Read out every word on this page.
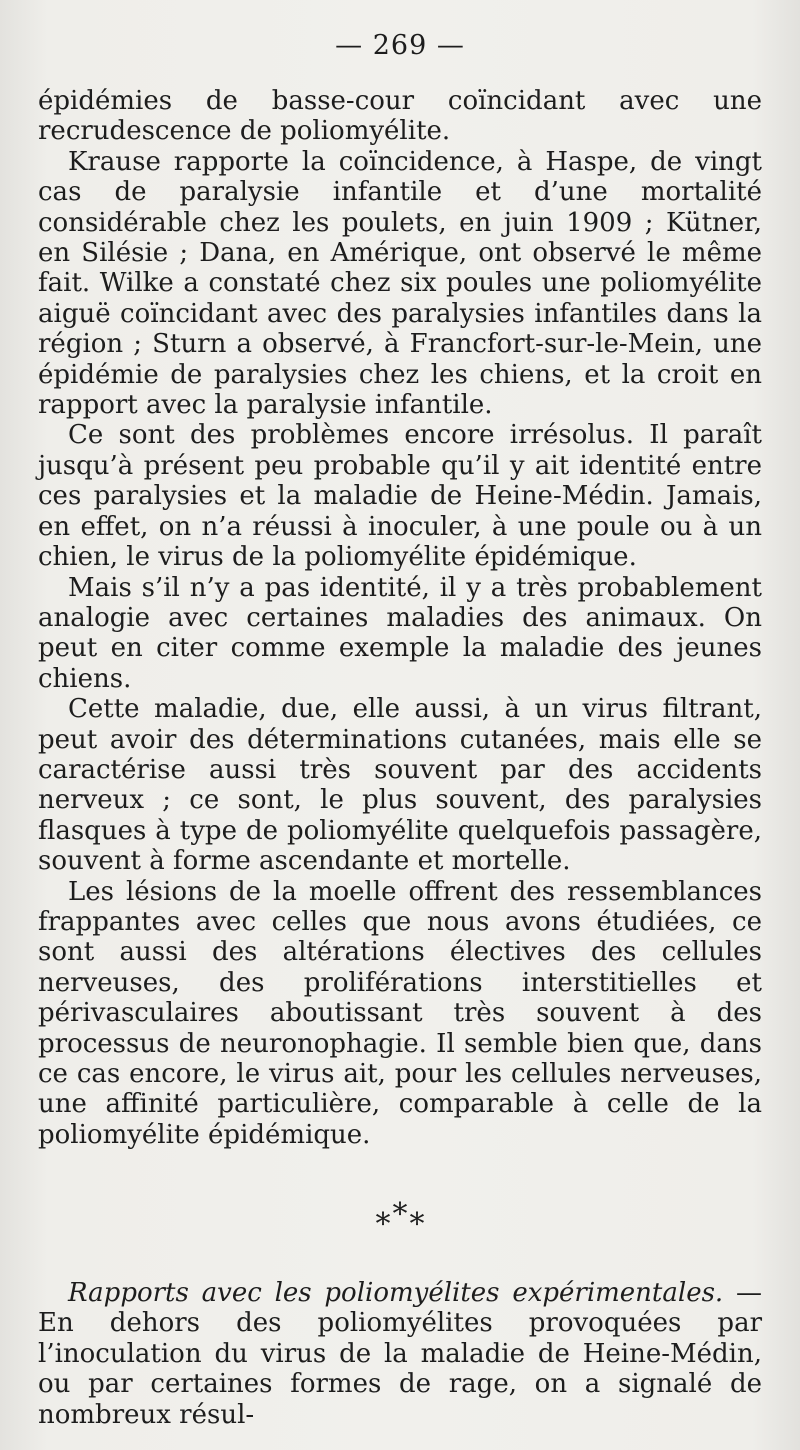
— 269 —

épidémies de basse-cour coïncidant avec une recrudescence de poliomyélite.

Krause rapporte la coïncidence, à Haspe, de vingt cas de paralysie infantile et d’une mortalité considérable chez les poulets, en juin 1909 ; Kütner, en Silésie ; Dana, en Amérique, ont observé le même fait. Wilke a constaté chez six poules une poliomyélite aiguë coïncidant avec des paralysies infantiles dans la région ; Sturn a observé, à Francfort-sur-le-Mein, une épidémie de paralysies chez les chiens, et la croit en rapport avec la paralysie infantile.

Ce sont des problèmes encore irrésolus. Il paraît jusqu’à présent peu probable qu’il y ait identité entre ces paralysies et la maladie de Heine-Médin. Jamais, en effet, on n’a réussi à inoculer, à une poule ou à un chien, le virus de la poliomyélite épidémique.

Mais s’il n’y a pas identité, il y a très probablement analogie avec certaines maladies des animaux. On peut en citer comme exemple la maladie des jeunes chiens.

Cette maladie, due, elle aussi, à un virus filtrant, peut avoir des déterminations cutanées, mais elle se caractérise aussi très souvent par des accidents nerveux ; ce sont, le plus souvent, des paralysies flasques à type de poliomyélite quelquefois passagère, souvent à forme ascendante et mortelle.

Les lésions de la moelle offrent des ressemblances frappantes avec celles que nous avons étudiées, ce sont aussi des altérations électives des cellules nerveuses, des proliférations interstitielles et périvasculaires aboutissant très souvent à des processus de neuronophagie. Il semble bien que, dans ce cas encore, le virus ait, pour les cellules nerveuses, une affinité particulière, comparable à celle de la poliomyélite épidémique.

***

Rapports avec les poliomyélites expérimentales. — En dehors des poliomyélites provoquées par l’inoculation du virus de la maladie de Heine-Médin, ou par certaines formes de rage, on a signalé de nombreux résul-
